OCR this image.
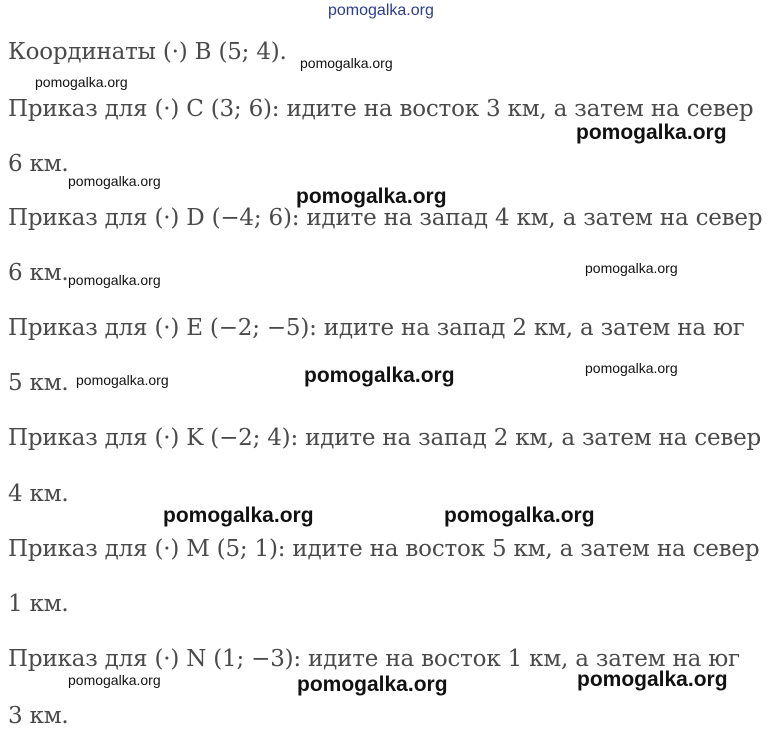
pomogalka.org
Координаты (·) B (5; 4).
Приказ для (·) C (3; 6): идите на восток 3 км, а затем на север
6 км.
Приказ для (·) D (−4; 6): идите на запад 4 км, а затем на север
6 км.
Приказ для (·) E (−2; −5): идите на запад 2 км, а затем на юг
5 км.
Приказ для (·) K (−2; 4): идите на запад 2 км, а затем на север
4 км.
Приказ для (·) M (5; 1): идите на восток 5 км, а затем на север
1 км.
Приказ для (·) N (1; −3): идите на восток 1 км, а затем на юг
3 км.
pomogalka.org
pomogalka.org
pomogalka.org
pomogalka.org
pomogalka.org
pomogalka.org
pomogalka.org
pomogalka.org	pomogalka.org	pomogalka.org
pomogalka.org	pomogalka.org
pomogalka.org	pomogalka.org	pomogalka.org
